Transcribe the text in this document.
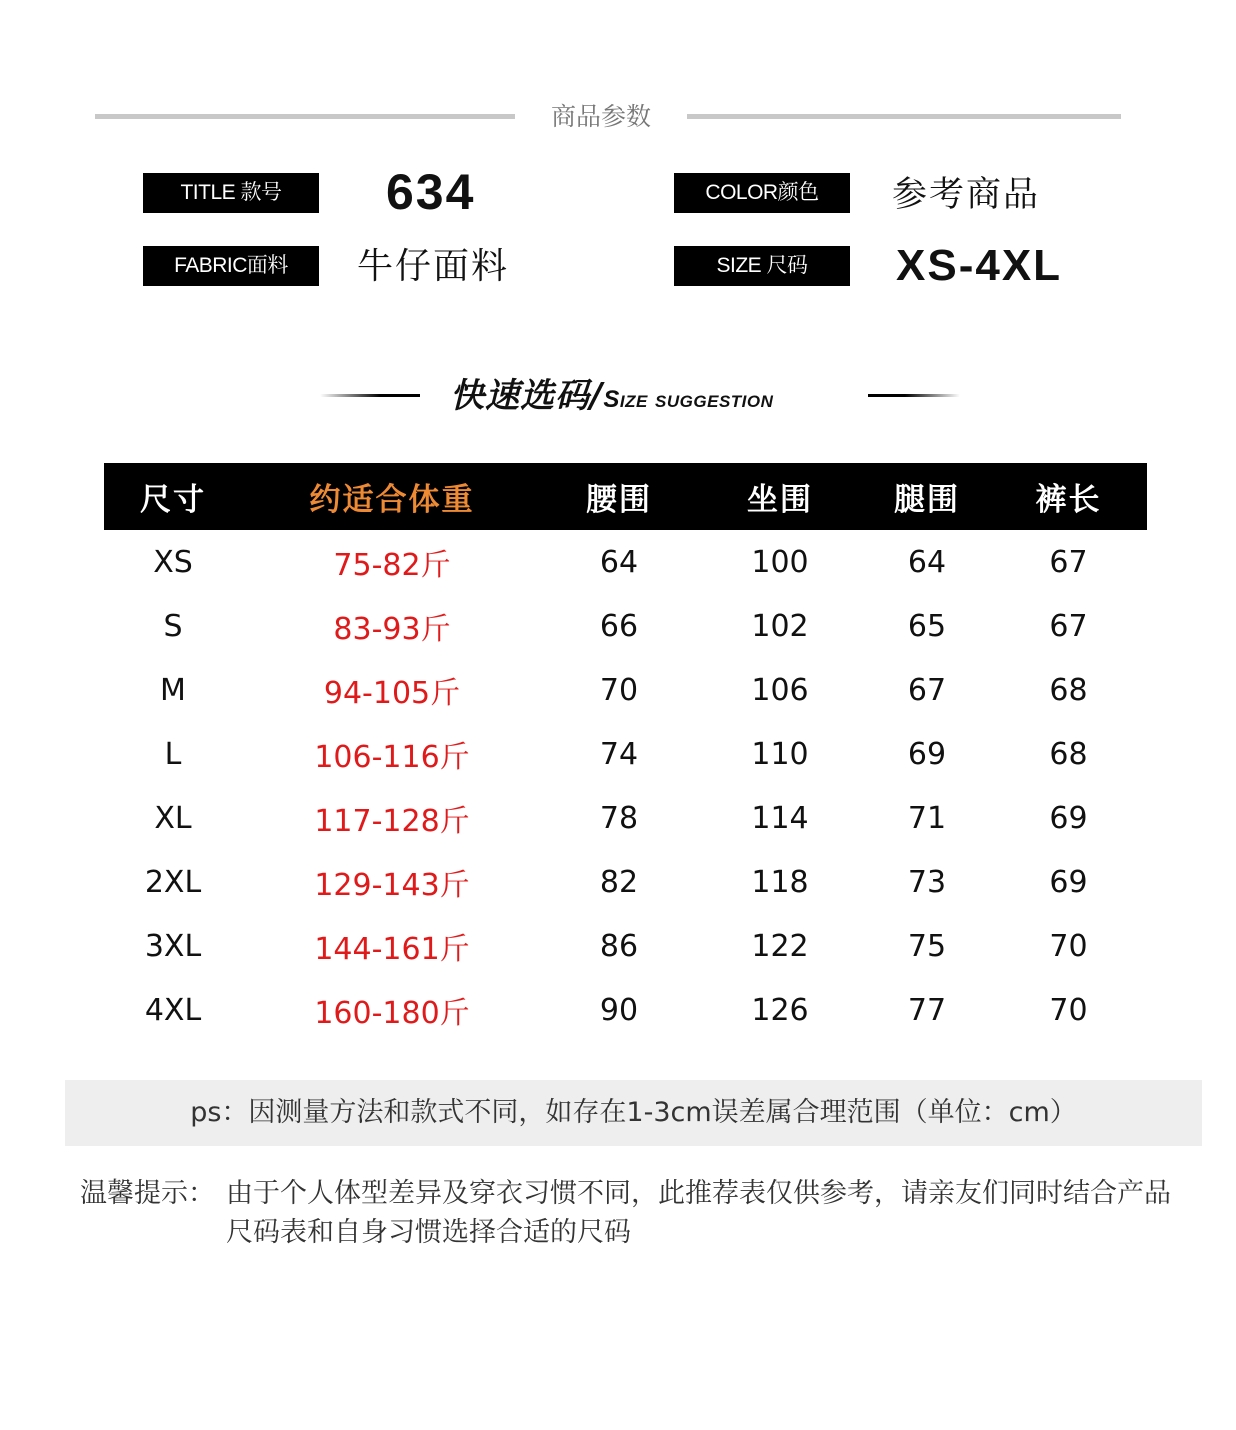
商品参数
TITLE 款号	634
FABRIC面料	牛仔面料
COLOR颜色	参考商品
SIZE 尺码	XS-4XL
快速选码/Size suggestion
尺寸	约适合体重	腰围	坐围	腿围	裤长
XS	75-82斤	64	100	64	67
S	83-93斤	66	102	65	67
M	94-105斤	70	106	67	68
L	106-116斤	74	110	69	68
XL	117-128斤	78	114	71	69
2XL	129-143斤	82	118	73	69
3XL	144-161斤	86	122	75	70
4XL	160-180斤	90	126	77	70
ps：因测量方法和款式不同，如存在1-3cm误差属合理范围（单位：cm）
温馨提示： 由于个人体型差异及穿衣习惯不同，此推荐表仅供参考，请亲友们同时结合产品尺码表和自身习惯选择合适的尺码
